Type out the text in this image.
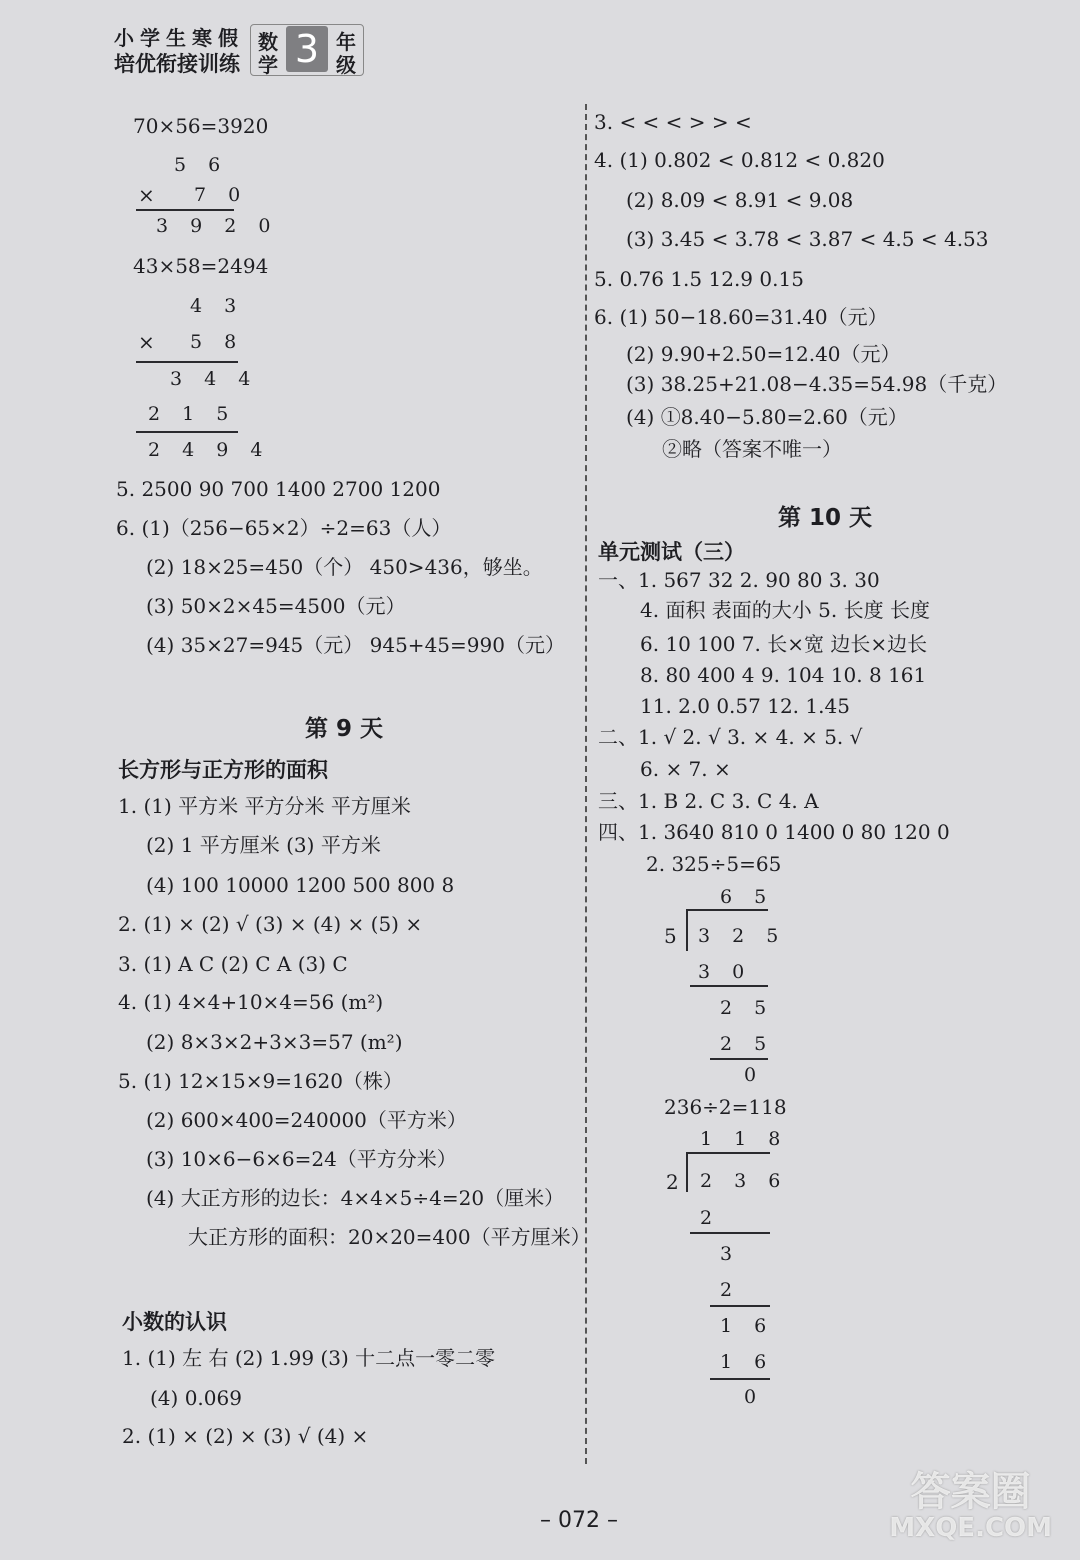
小学生寒假
培优衔接训练
数
学 3 年
级
70×56=3920
5 6
× 7 0
3 9 2 0
43×58=2494
4 3
× 5 8
3 4 4
2 1 5
2 4 9 4
5. 2500 90 700 1400 2700 1200
6. (1)（256−65×2）÷2=63（人）
(2) 18×25=450（个） 450>436，够坐。
(3) 50×2×45=4500（元）
(4) 35×27=945（元） 945+45=990（元）
第 9 天
长方形与正方形的面积
1. (1) 平方米 平方分米 平方厘米
(2) 1 平方厘米 (3) 平方米
(4) 100 10000 1200 500 800 8
2. (1) × (2) √ (3) × (4) × (5) ×
3. (1) A C (2) C A (3) C
4. (1) 4×4+10×4=56 (m²)
(2) 8×3×2+3×3=57 (m²)
5. (1) 12×15×9=1620（株）
(2) 600×400=240000（平方米）
(3) 10×6−6×6=24（平方分米）
(4) 大正方形的边长：4×4×5÷4=20（厘米）
大正方形的面积：20×20=400（平方厘米）
小数的认识
1. (1) 左 右 (2) 1.99 (3) 十二点一零二零
(4) 0.069
2. (1) × (2) × (3) √ (4) ×
3. < < < > > <
4. (1) 0.802 < 0.812 < 0.820
(2) 8.09 < 8.91 < 9.08
(3) 3.45 < 3.78 < 3.87 < 4.5 < 4.53
5. 0.76 1.5 12.9 0.15
6. (1) 50−18.60=31.40（元）
(2) 9.90+2.50=12.40（元）
(3) 38.25+21.08−4.35=54.98（千克）
(4) ①8.40−5.80=2.60（元）
②略（答案不唯一）
第 10 天
单元测试（三）
一、1. 567 32 2. 90 80 3. 30
4. 面积 表面的大小 5. 长度 长度
6. 10 100 7. 长×宽 边长×边长
8. 80 400 4 9. 104 10. 8 161
11. 2.0 0.57 12. 1.45
二、1. √ 2. √ 3. × 4. × 5. √
6. × 7. ×
三、1. B 2. C 3. C 4. A
四、1. 3640 810 0 1400 0 80 120 0
2. 325÷5=65
6 5
5 3 2 5
3 0
2 5
2 5
0
236÷2=118
1 1 8
2 2 3 6
2
3
2
1 6
1 6
0
– 072 –
答案圈
MXQE.COM
